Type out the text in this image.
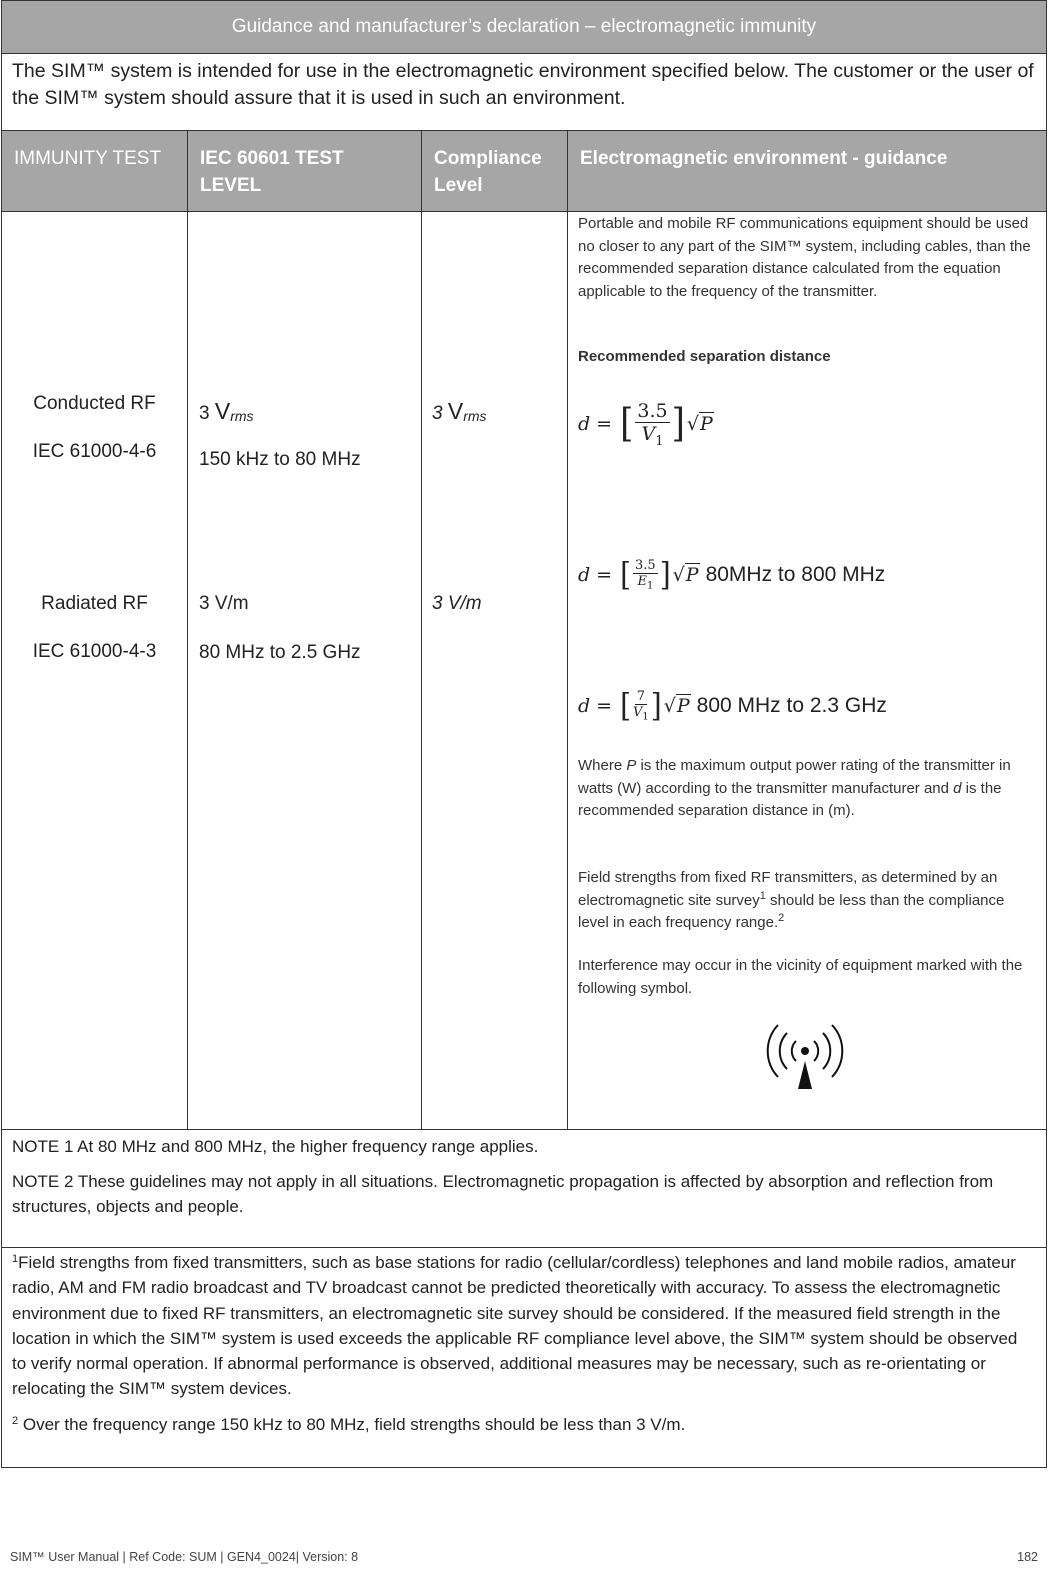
Guidance and manufacturer’s declaration – electromagnetic immunity
The SIM™ system is intended for use in the electromagnetic environment specified below. The customer or the user of the SIM™ system should assure that it is used in such an environment.
IMMUNITY TEST	IEC 60601 TEST LEVEL
Compliance Level
Electromagnetic environment - guidance
Conducted RF
IEC 61000-4-6
Radiated RF
IEC 61000-4-3
3 Vrms
150 kHz to 80 MHz
3 V/m
80 MHz to 2.5 GHz
3 Vrms
3 V/m
Portable and mobile RF communications equipment should be used no closer to any part of the SIM™ system, including cables, than the recommended separation distance calculated from the equation applicable to the frequency of the transmitter.
Recommended separation distance
d = [ $\frac{3.5}{V_1}$ ] √P
d = [ $\frac{3.5}{E_1}$ ] √P 80MHz to 800 MHz
d = [ $\frac{7}{V_1}$ ] √P 800 MHz to 2.3 GHz
Where P is the maximum output power rating of the transmitter in watts (W) according to the transmitter manufacturer and d is the recommended separation distance in (m).
Field strengths from fixed RF transmitters, as determined by an electromagnetic site survey$^1$ should be less than the compliance level in each frequency range.$^2$
Interference may occur in the vicinity of equipment marked with the following symbol.

NOTE 1 At 80 MHz and 800 MHz, the higher frequency range applies.

NOTE 2 These guidelines may not apply in all situations. Electromagnetic propagation is affected by absorption and reflection from structures, objects and people.

$^1$Field strengths from fixed transmitters, such as base stations for radio (cellular/cordless) telephones and land mobile radios, amateur radio, AM and FM radio broadcast and TV broadcast cannot be predicted theoretically with accuracy. To assess the electromagnetic environment due to fixed RF transmitters, an electromagnetic site survey should be considered. If the measured field strength in the location in which the SIM™ system is used exceeds the applicable RF compliance level above, the SIM™ system should be observed to verify normal operation. If abnormal performance is observed, additional measures may be necessary, such as re-orientating or relocating the SIM™ system devices.

$^2$ Over the frequency range 150 kHz to 80 MHz, field strengths should be less than 3 V/m.

SIM™ User Manual | Ref Code: SUM | GEN4_0024| Version: 8	182
